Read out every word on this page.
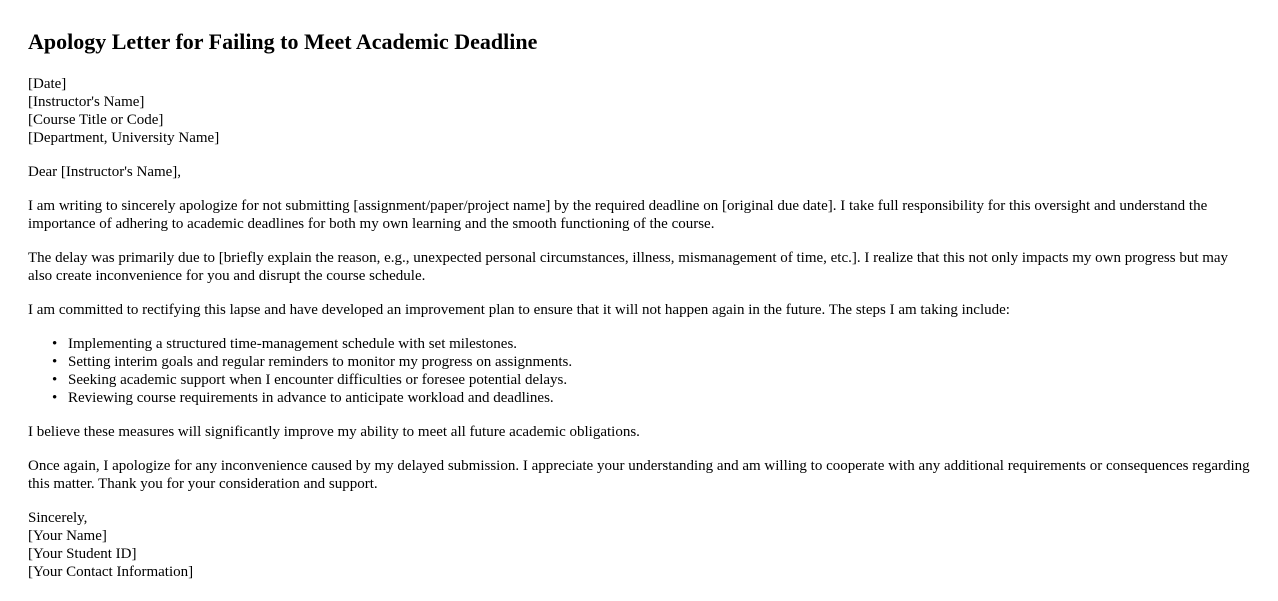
Apology Letter for Failing to Meet Academic Deadline
[Date]
[Instructor's Name]
[Course Title or Code]
[Department, University Name]

Dear [Instructor's Name],

I am writing to sincerely apologize for not submitting [assignment/paper/project name] by the required deadline on [original due date]. I take full responsibility for this oversight and understand the importance of adhering to academic deadlines for both my own learning and the smooth functioning of the course.

The delay was primarily due to [briefly explain the reason, e.g., unexpected personal circumstances, illness, mismanagement of time, etc.]. I realize that this not only impacts my own progress but may also create inconvenience for you and disrupt the course schedule.

I am committed to rectifying this lapse and have developed an improvement plan to ensure that it will not happen again in the future. The steps I am taking include:

• Implementing a structured time-management schedule with set milestones.
• Setting interim goals and regular reminders to monitor my progress on assignments.
• Seeking academic support when I encounter difficulties or foresee potential delays.
• Reviewing course requirements in advance to anticipate workload and deadlines.

I believe these measures will significantly improve my ability to meet all future academic obligations.

Once again, I apologize for any inconvenience caused by my delayed submission. I appreciate your understanding and am willing to cooperate with any additional requirements or consequences regarding this matter. Thank you for your consideration and support.

Sincerely,
[Your Name]
[Your Student ID]
[Your Contact Information]
